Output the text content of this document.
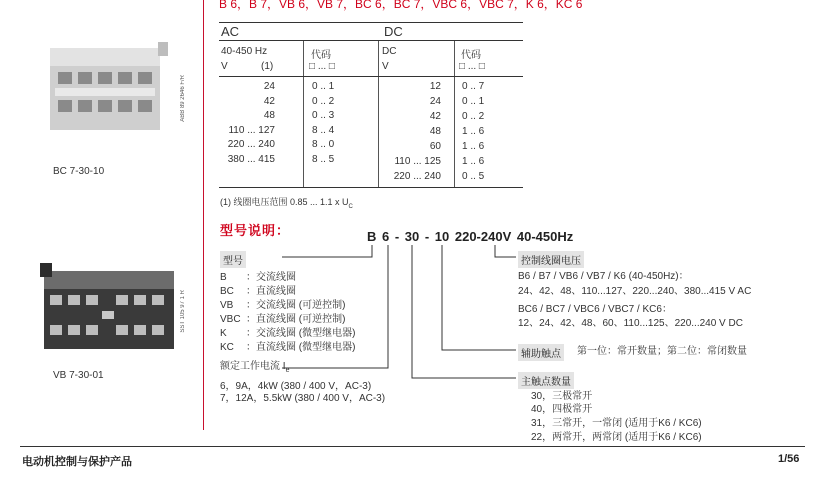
ABB 89 2646 F/R
BC 7-30-10
SST 105 97 1 R
VB 7-30-01
B 6，B 7，VB 6，VB 7，BC 6，BC 7，VBC 6，VBC 7，K 6，KC 6
AC	DC
40-450 Hz
V	(1)
代码
□ ... □
DC
V
代码
□ ... □
24	0 .. 1
42	0 .. 2
48	0 .. 3
110 ... 127	8 .. 4
220 ... 240	8 .. 0
380 ... 415	8 .. 5
12 0 .. 7
24 0 .. 1
42 0 .. 2
48 1 .. 6
60 1 .. 6
110 ... 125 1 .. 6
220 ... 240 0 .. 5
(1) 线圈电压范围 0.85 ... 1.1 x $U_C$
型号说明：	B 6 - 30 - 10 220-240V 40-450Hz
型号
B ：交流线圈
BC ：直流线圈
VB ：交流线圈 (可逆控制)
VBC ：直流线圈 (可逆控制)
K ：交流线圈 (微型继电器)
KC ：直流线圈 (微型继电器)
额定工作电流 $I_e$
6，9A，4kW (380 / 400 V，AC-3)
7，12A，5.5kW (380 / 400 V，AC-3)
控制线圈电压
B6 / B7 / VB6 / VB7 / K6 (40-450Hz)：
24、42、48、110...127、220...240、380...415 V AC
BC6 / BC7 / VBC6 / VBC7 / KC6：
12、24、42、48、60、110...125、220...240 V DC
辅助触点	第一位：常开数量；第二位：常闭数量
主触点数量
30，三极常开
40，四极常开
31，三常开，一常闭 (适用于K6 / KC6)
22，两常开，两常闭 (适用于K6 / KC6)
电动机控制与保护产品	1/56
